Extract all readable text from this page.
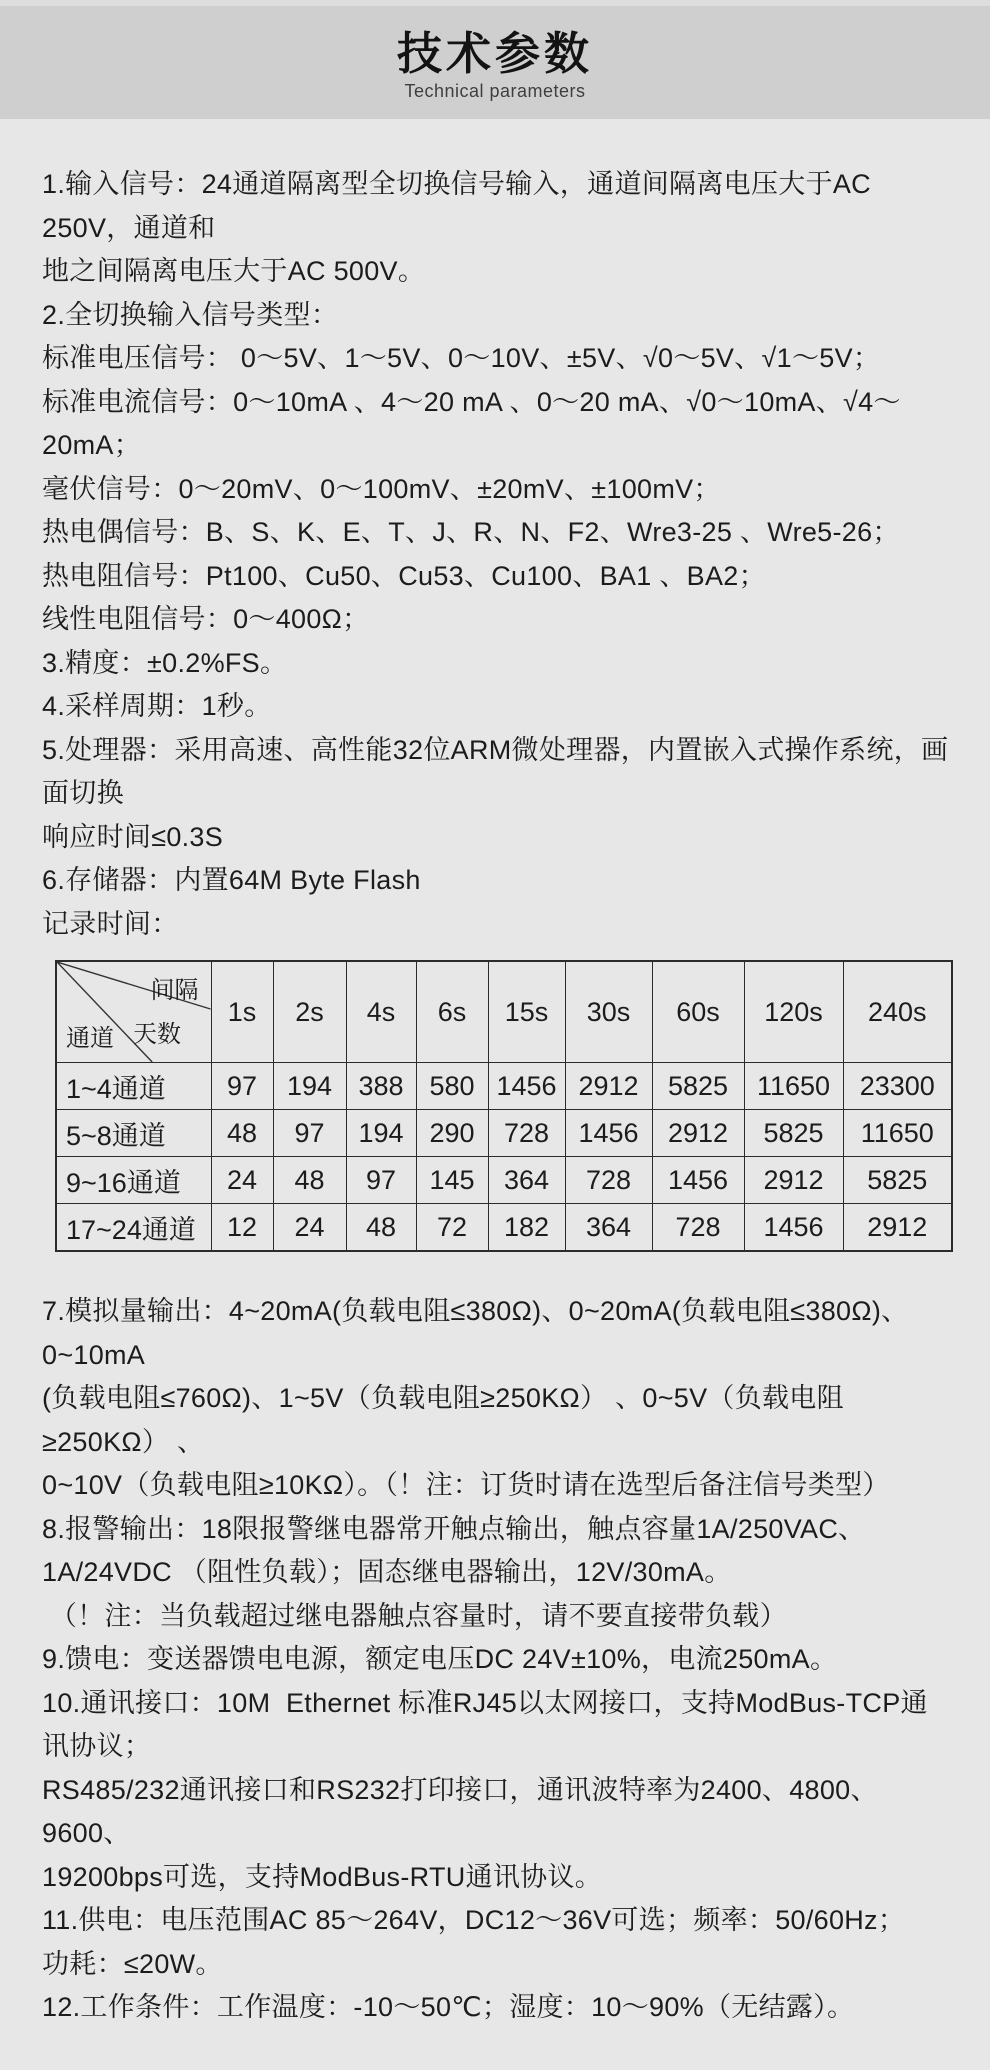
技术参数
Technical parameters

1.输入信号：24通道隔离型全切换信号输入，通道间隔离电压大于AC 250V，通道和

地之间隔离电压大于AC 500V。

2.全切换输入信号类型：

标准电压信号： 0～5V、1～5V、0～10V、±5V、√0～5V、√1～5V；

标准电流信号：0～10mA 、4～20 mA 、0～20 mA、√0～10mA、√4～20mA；

毫伏信号：0～20mV、0～100mV、±20mV、±100mV；

热电偶信号：B、S、K、E、T、J、R、N、F2、Wre3-25 、Wre5-26；

热电阻信号：Pt100、Cu50、Cu53、Cu100、BA1 、BA2；

线性电阻信号：0～400Ω；

3.精度：±0.2%FS。

4.采样周期：1秒。

5.处理器：采用高速、高性能32位ARM微处理器，内置嵌入式操作系统，画面切换

响应时间≤0.3S

6.存储器：内置64M Byte Flash

记录时间：

间隔
天数
通道	1s	2s	4s	6s	15s	30s	60s	120s	240s
1~4通道	97	194	388	580	1456	2912	5825	11650	23300
5~8通道	48	97	194	290	728	1456	2912	5825	11650
9~16通道	24	48	97	145	364	728	1456	2912	5825
17~24通道	12	24	48	72	182	364	728	1456	2912

7.模拟量输出：4~20mA(负载电阻≤380Ω)、0~20mA(负载电阻≤380Ω)、0~10mA

(负载电阻≤760Ω)、1~5V（负载电阻≥250KΩ） 、0~5V（负载电阻≥250KΩ） 、

0~10V（负载电阻≥10KΩ）。（！注：订货时请在选型后备注信号类型）

8.报警输出：18限报警继电器常开触点输出，触点容量1A/250VAC、

1A/24VDC （阻性负载）；固态继电器输出，12V/30mA。

（！注：当负载超过继电器触点容量时，请不要直接带负载）

9.馈电：变送器馈电电源，额定电压DC 24V±10%，电流250mA。

10.通讯接口：10M  Ethernet 标准RJ45以太网接口，支持ModBus-TCP通讯协议；

RS485/232通讯接口和RS232打印接口，通讯波特率为2400、4800、9600、

19200bps可选，支持ModBus-RTU通讯协议。

11.供电：电压范围AC 85～264V，DC12～36V可选；频率：50/60Hz；

功耗：≤20W。

12.工作条件：工作温度：-10～50℃；湿度：10～90%（无结露）。
